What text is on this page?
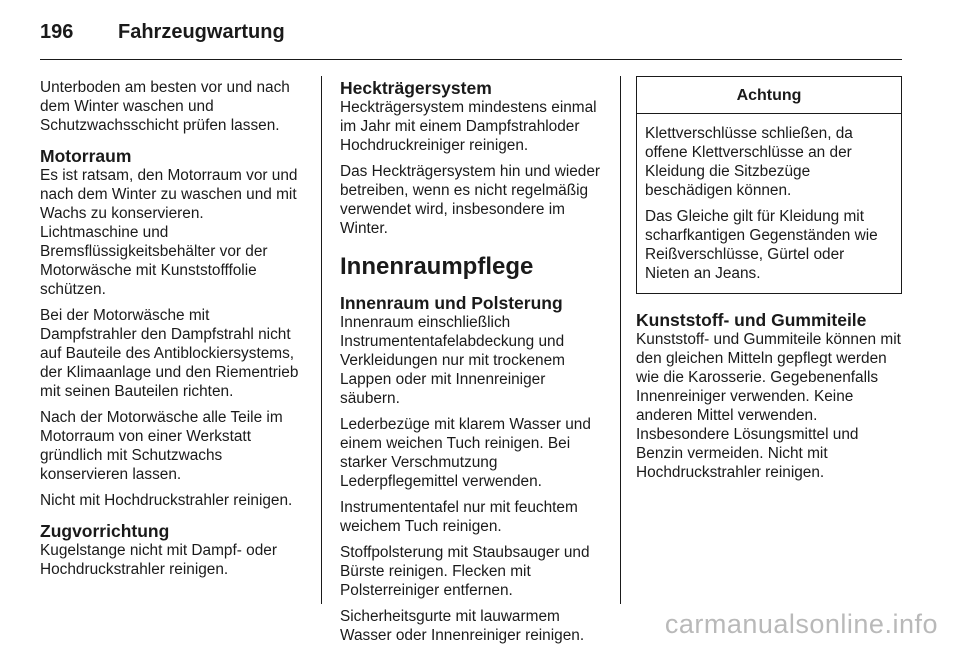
196 Fahrzeugwartung

Unterboden am besten vor und nach dem Winter waschen und Schutzwachsschicht prüfen lassen.

Motorraum

Es ist ratsam, den Motorraum vor und nach dem Winter zu waschen und mit Wachs zu konservieren. Lichtmaschine und Bremsflüssigkeitsbehälter vor der Motorwäsche mit Kunststofffolie schützen.

Bei der Motorwäsche mit Dampfstrahler den Dampfstrahl nicht auf Bauteile des Antiblockiersystems, der Klimaanlage und den Riementrieb mit seinen Bauteilen richten.

Nach der Motorwäsche alle Teile im Motorraum von einer Werkstatt gründlich mit Schutzwachs konservieren lassen.

Nicht mit Hochdruckstrahler reinigen.

Zugvorrichtung

Kugelstange nicht mit Dampf- oder Hochdruckstrahler reinigen.

Heckträgersystem

Heckträgersystem mindestens einmal im Jahr mit einem Dampfstrahloder Hochdruckreiniger reinigen.

Das Heckträgersystem hin und wieder betreiben, wenn es nicht regelmäßig verwendet wird, insbesondere im Winter.

Innenraumpflege
Innenraum und Polsterung

Innenraum einschließlich Instrumententafelabdeckung und Verkleidungen nur mit trockenem Lappen oder mit Innenreiniger säubern.

Lederbezüge mit klarem Wasser und einem weichen Tuch reinigen. Bei starker Verschmutzung Lederpflegemittel verwenden.

Instrumententafel nur mit feuchtem weichem Tuch reinigen.

Stoffpolsterung mit Staubsauger und Bürste reinigen. Flecken mit Polsterreiniger entfernen.

Sicherheitsgurte mit lauwarmem Wasser oder Innenreiniger reinigen.

Achtung

Klettverschlüsse schließen, da offene Klettverschlüsse an der Kleidung die Sitzbezüge beschädigen können.

Das Gleiche gilt für Kleidung mit scharfkantigen Gegenständen wie Reißverschlüsse, Gürtel oder Nieten an Jeans.

Kunststoff- und Gummiteile

Kunststoff- und Gummiteile können mit den gleichen Mitteln gepflegt werden wie die Karosserie. Gegebenenfalls Innenreiniger verwenden. Keine anderen Mittel verwenden. Insbesondere Lösungsmittel und Benzin vermeiden. Nicht mit Hochdruckstrahler reinigen.

carmanualsonline.info
